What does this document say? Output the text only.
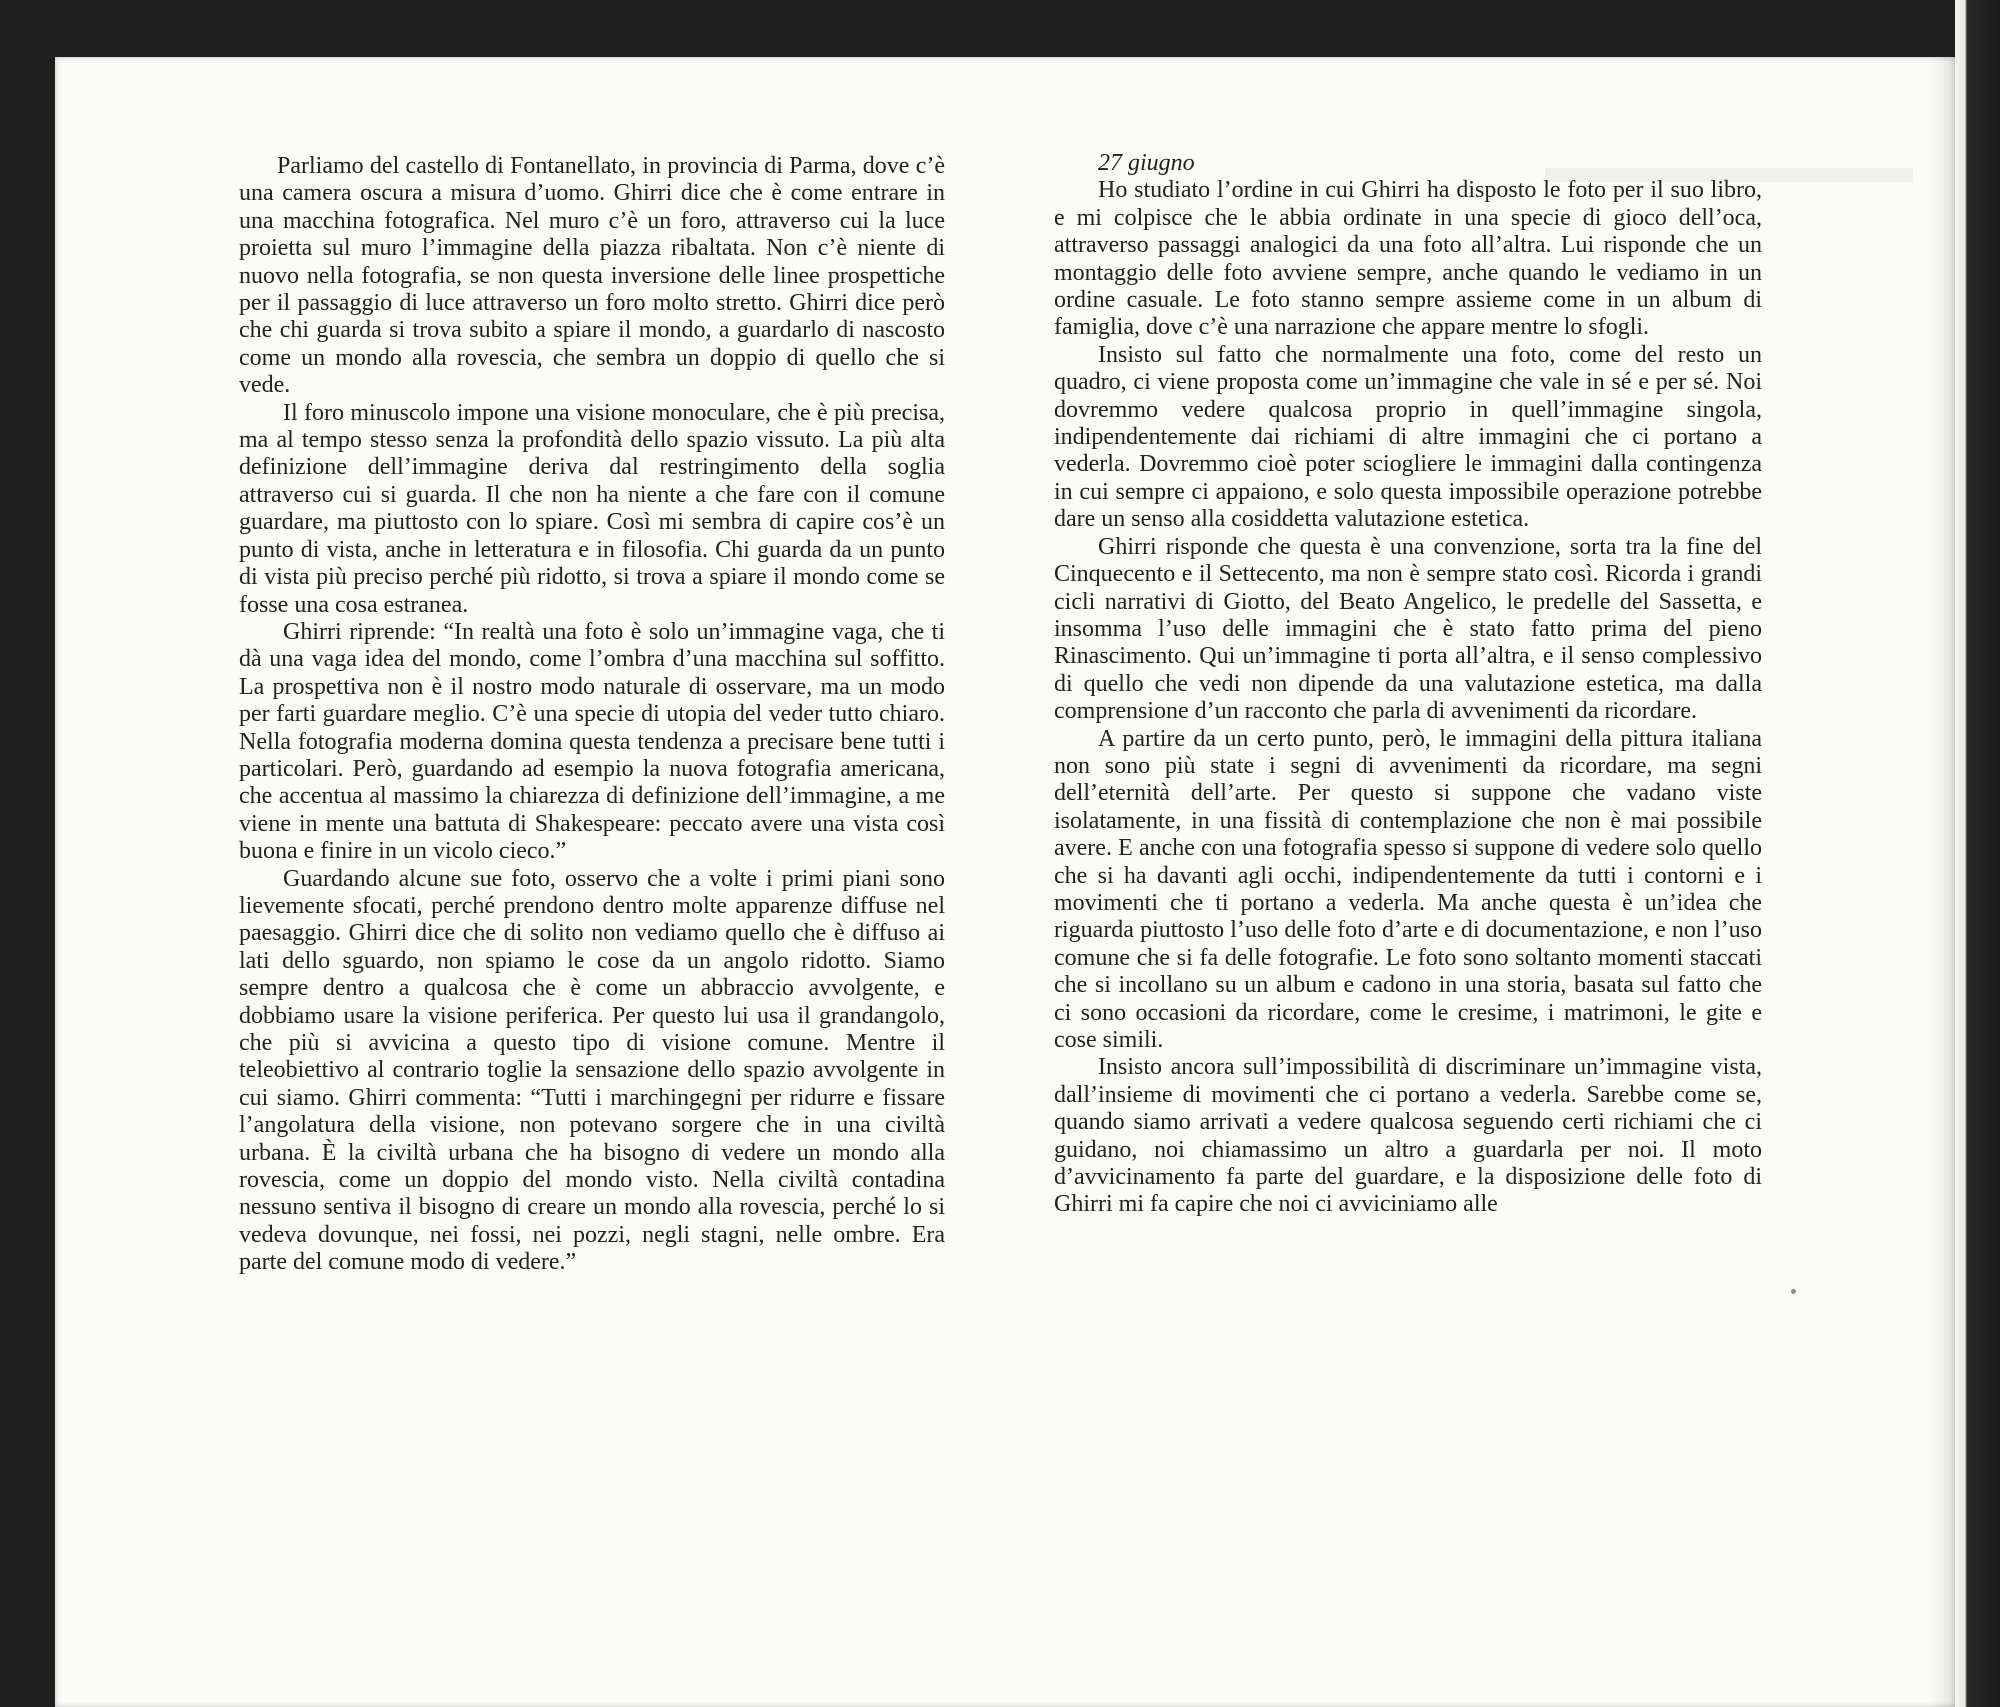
Parliamo del castello di Fontanellato, in provincia di Parma, dove c’è una camera oscura a misura d’uomo. Ghirri dice che è come entrare in una macchina fotografica. Nel muro c’è un foro, attraverso cui la luce proietta sul muro l’immagine della piazza ribaltata. Non c’è niente di nuovo nella fotografia, se non questa inversione delle linee prospettiche per il passaggio di luce attraverso un foro molto stretto. Ghirri dice però che chi guarda si trova subito a spiare il mondo, a guardarlo di nascosto come un mondo alla rovescia, che sembra un doppio di quello che si vede.

Il foro minuscolo impone una visione monoculare, che è più precisa, ma al tempo stesso senza la profondità dello spazio vissuto. La più alta definizione dell’immagine deriva dal restringimento della soglia attraverso cui si guarda. Il che non ha niente a che fare con il comune guardare, ma piuttosto con lo spiare. Così mi sembra di capire cos’è un punto di vista, anche in letteratura e in filosofia. Chi guarda da un punto di vista più preciso perché più ridotto, si trova a spiare il mondo come se fosse una cosa estranea.

Ghirri riprende: “In realtà una foto è solo un’immagine vaga, che ti dà una vaga idea del mondo, come l’ombra d’una macchina sul soffitto. La prospettiva non è il nostro modo naturale di osservare, ma un modo per farti guardare meglio. C’è una specie di utopia del veder tutto chiaro. Nella fotografia moderna domina questa tendenza a precisare bene tutti i particolari. Però, guardando ad esempio la nuova fotografia americana, che accentua al massimo la chiarezza di definizione dell’immagine, a me viene in mente una battuta di Shakespeare: peccato avere una vista così buona e finire in un vicolo cieco.”

Guardando alcune sue foto, osservo che a volte i primi piani sono lievemente sfocati, perché prendono dentro molte apparenze diffuse nel paesaggio. Ghirri dice che di solito non vediamo quello che è diffuso ai lati dello sguardo, non spiamo le cose da un angolo ridotto. Siamo sempre dentro a qualcosa che è come un abbraccio avvolgente, e dobbiamo usare la visione periferica. Per questo lui usa il grandangolo, che più si avvicina a questo tipo di visione comune. Mentre il teleobiettivo al contrario toglie la sensazione dello spazio avvolgente in cui siamo. Ghirri commenta: “Tutti i marchingegni per ridurre e fissare l’angolatura della visione, non potevano sorgere che in una civiltà urbana. È la civiltà urbana che ha bisogno di vedere un mondo alla rovescia, come un doppio del mondo visto. Nella civiltà contadina nessuno sentiva il bisogno di creare un mondo alla rovescia, perché lo si vedeva dovunque, nei fossi, nei pozzi, negli stagni, nelle ombre. Era parte del comune modo di vedere.”

27 giugno

Ho studiato l’ordine in cui Ghirri ha disposto le foto per il suo libro, e mi colpisce che le abbia ordinate in una specie di gioco dell’oca, attraverso passaggi analogici da una foto all’altra. Lui risponde che un montaggio delle foto avviene sempre, anche quando le vediamo in un ordine casuale. Le foto stanno sempre assieme come in un album di famiglia, dove c’è una narrazione che appare mentre lo sfogli.

Insisto sul fatto che normalmente una foto, come del resto un quadro, ci viene proposta come un’immagine che vale in sé e per sé. Noi dovremmo vedere qualcosa proprio in quell’immagine singola, indipendentemente dai richiami di altre immagini che ci portano a vederla. Dovremmo cioè poter sciogliere le immagini dalla contingenza in cui sempre ci appaiono, e solo questa impossibile operazione potrebbe dare un senso alla cosiddetta valutazione estetica.

Ghirri risponde che questa è una convenzione, sorta tra la fine del Cinquecento e il Settecento, ma non è sempre stato così. Ricorda i grandi cicli narrativi di Giotto, del Beato Angelico, le predelle del Sassetta, e insomma l’uso delle immagini che è stato fatto prima del pieno Rinascimento. Qui un’immagine ti porta all’altra, e il senso complessivo di quello che vedi non dipende da una valutazione estetica, ma dalla comprensione d’un racconto che parla di avvenimenti da ricordare.

A partire da un certo punto, però, le immagini della pittura italiana non sono più state i segni di avvenimenti da ricordare, ma segni dell’eternità dell’arte. Per questo si suppone che vadano viste isolatamente, in una fissità di contemplazione che non è mai possibile avere. E anche con una fotografia spesso si suppone di vedere solo quello che si ha davanti agli occhi, indipendentemente da tutti i contorni e i movimenti che ti portano a vederla. Ma anche questa è un’idea che riguarda piuttosto l’uso delle foto d’arte e di documentazione, e non l’uso comune che si fa delle fotografie. Le foto sono soltanto momenti staccati che si incollano su un album e cadono in una storia, basata sul fatto che ci sono occasioni da ricordare, come le cresime, i matrimoni, le gite e cose simili.

Insisto ancora sull’impossibilità di discriminare un’immagine vista, dall’insieme di movimenti che ci portano a vederla. Sarebbe come se, quando siamo arrivati a vedere qualcosa seguendo certi richiami che ci guidano, noi chiamassimo un altro a guardarla per noi. Il moto d’avvicinamento fa parte del guardare, e la disposizione delle foto di Ghirri mi fa capire che noi ci avviciniamo alle
